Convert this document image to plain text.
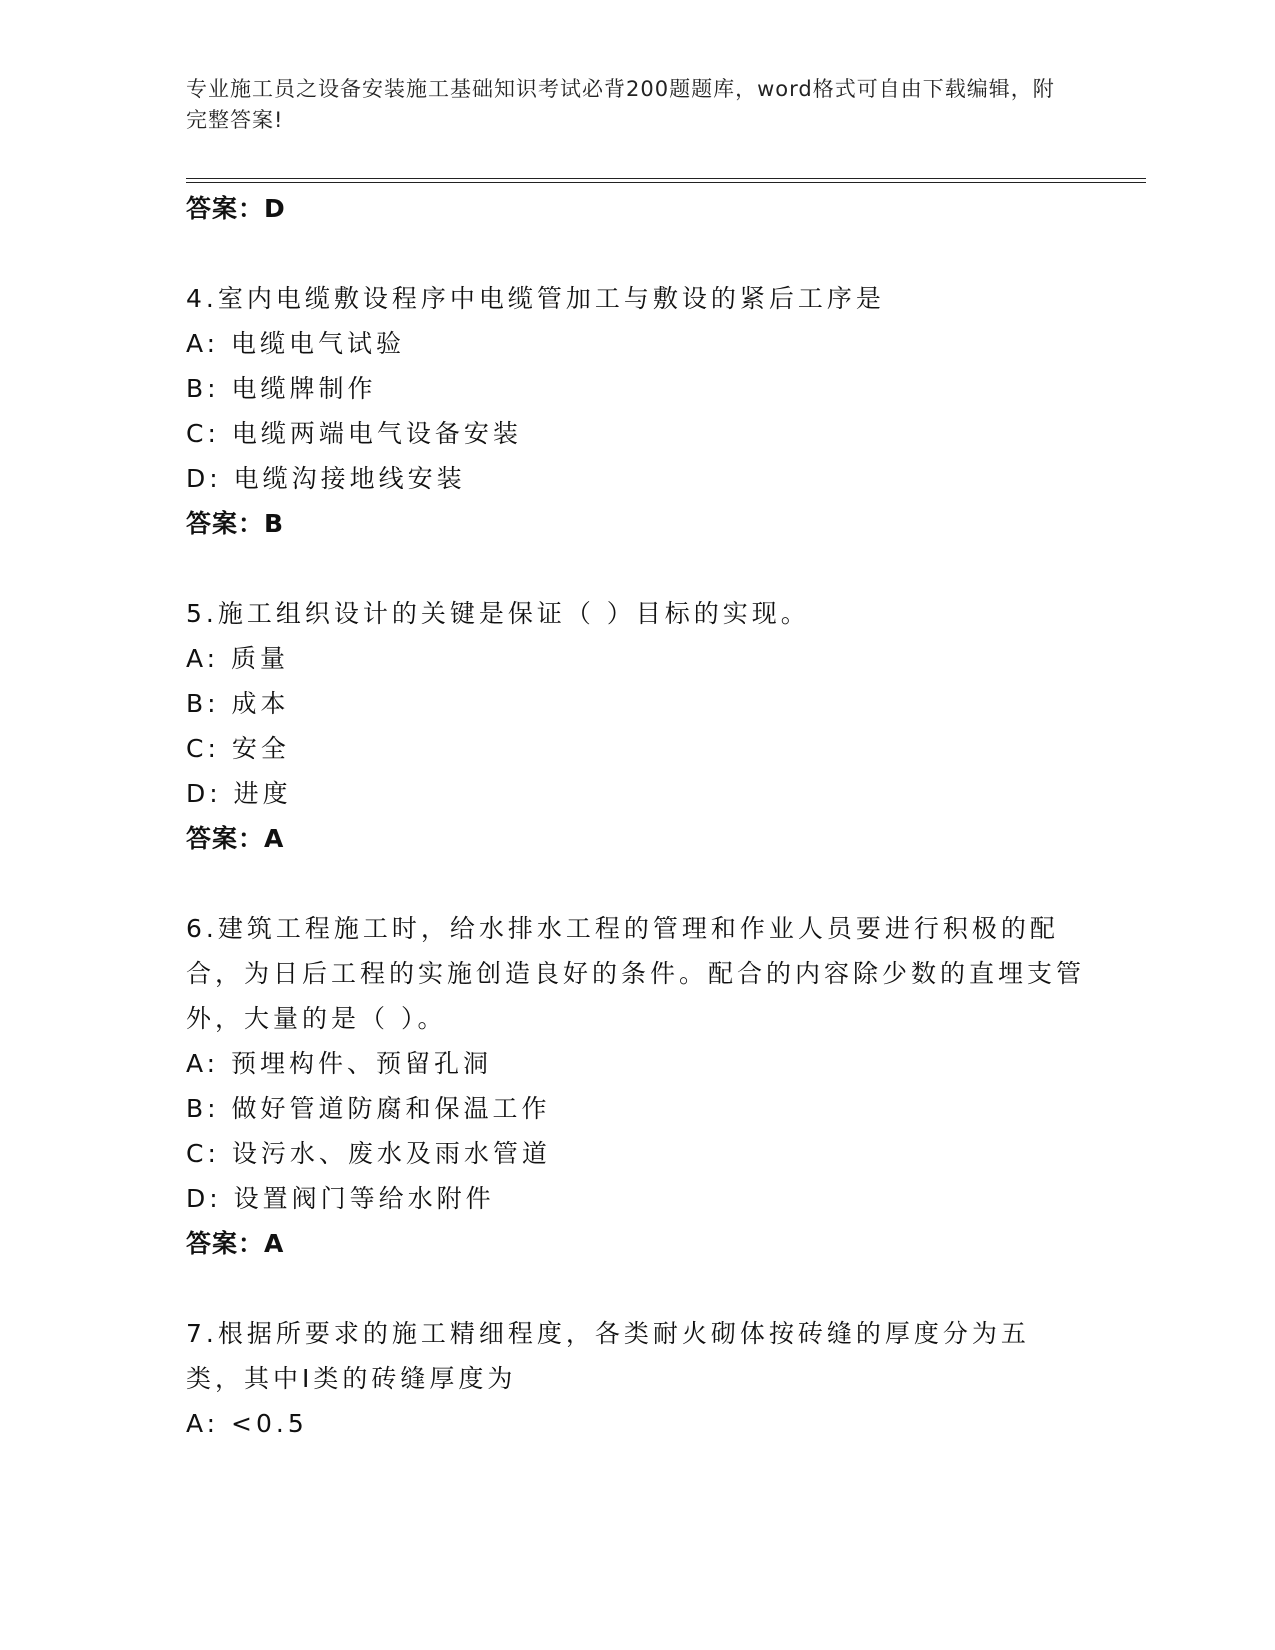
专业施工员之设备安装施工基础知识考试必背200题题库，word格式可自由下载编辑，附完整答案!
答案：D
4.室内电缆敷设程序中电缆管加工与敷设的紧后工序是
A: 电缆电气试验
B: 电缆牌制作
C: 电缆两端电气设备安装
D: 电缆沟接地线安装
答案：B
5.施工组织设计的关键是保证（ ）目标的实现。
A: 质量
B: 成本
C: 安全
D: 进度
答案：A
6.建筑工程施工时，给水排水工程的管理和作业人员要进行积极的配合，为日后工程的实施创造良好的条件。配合的内容除少数的直埋支管外，大量的是（ ）。
A: 预埋构件、预留孔洞
B: 做好管道防腐和保温工作
C: 设污水、废水及雨水管道
D: 设置阀门等给水附件
答案：A
7.根据所要求的施工精细程度，各类耐火砌体按砖缝的厚度分为五类，其中Ⅰ类的砖缝厚度为
A: <0.5
